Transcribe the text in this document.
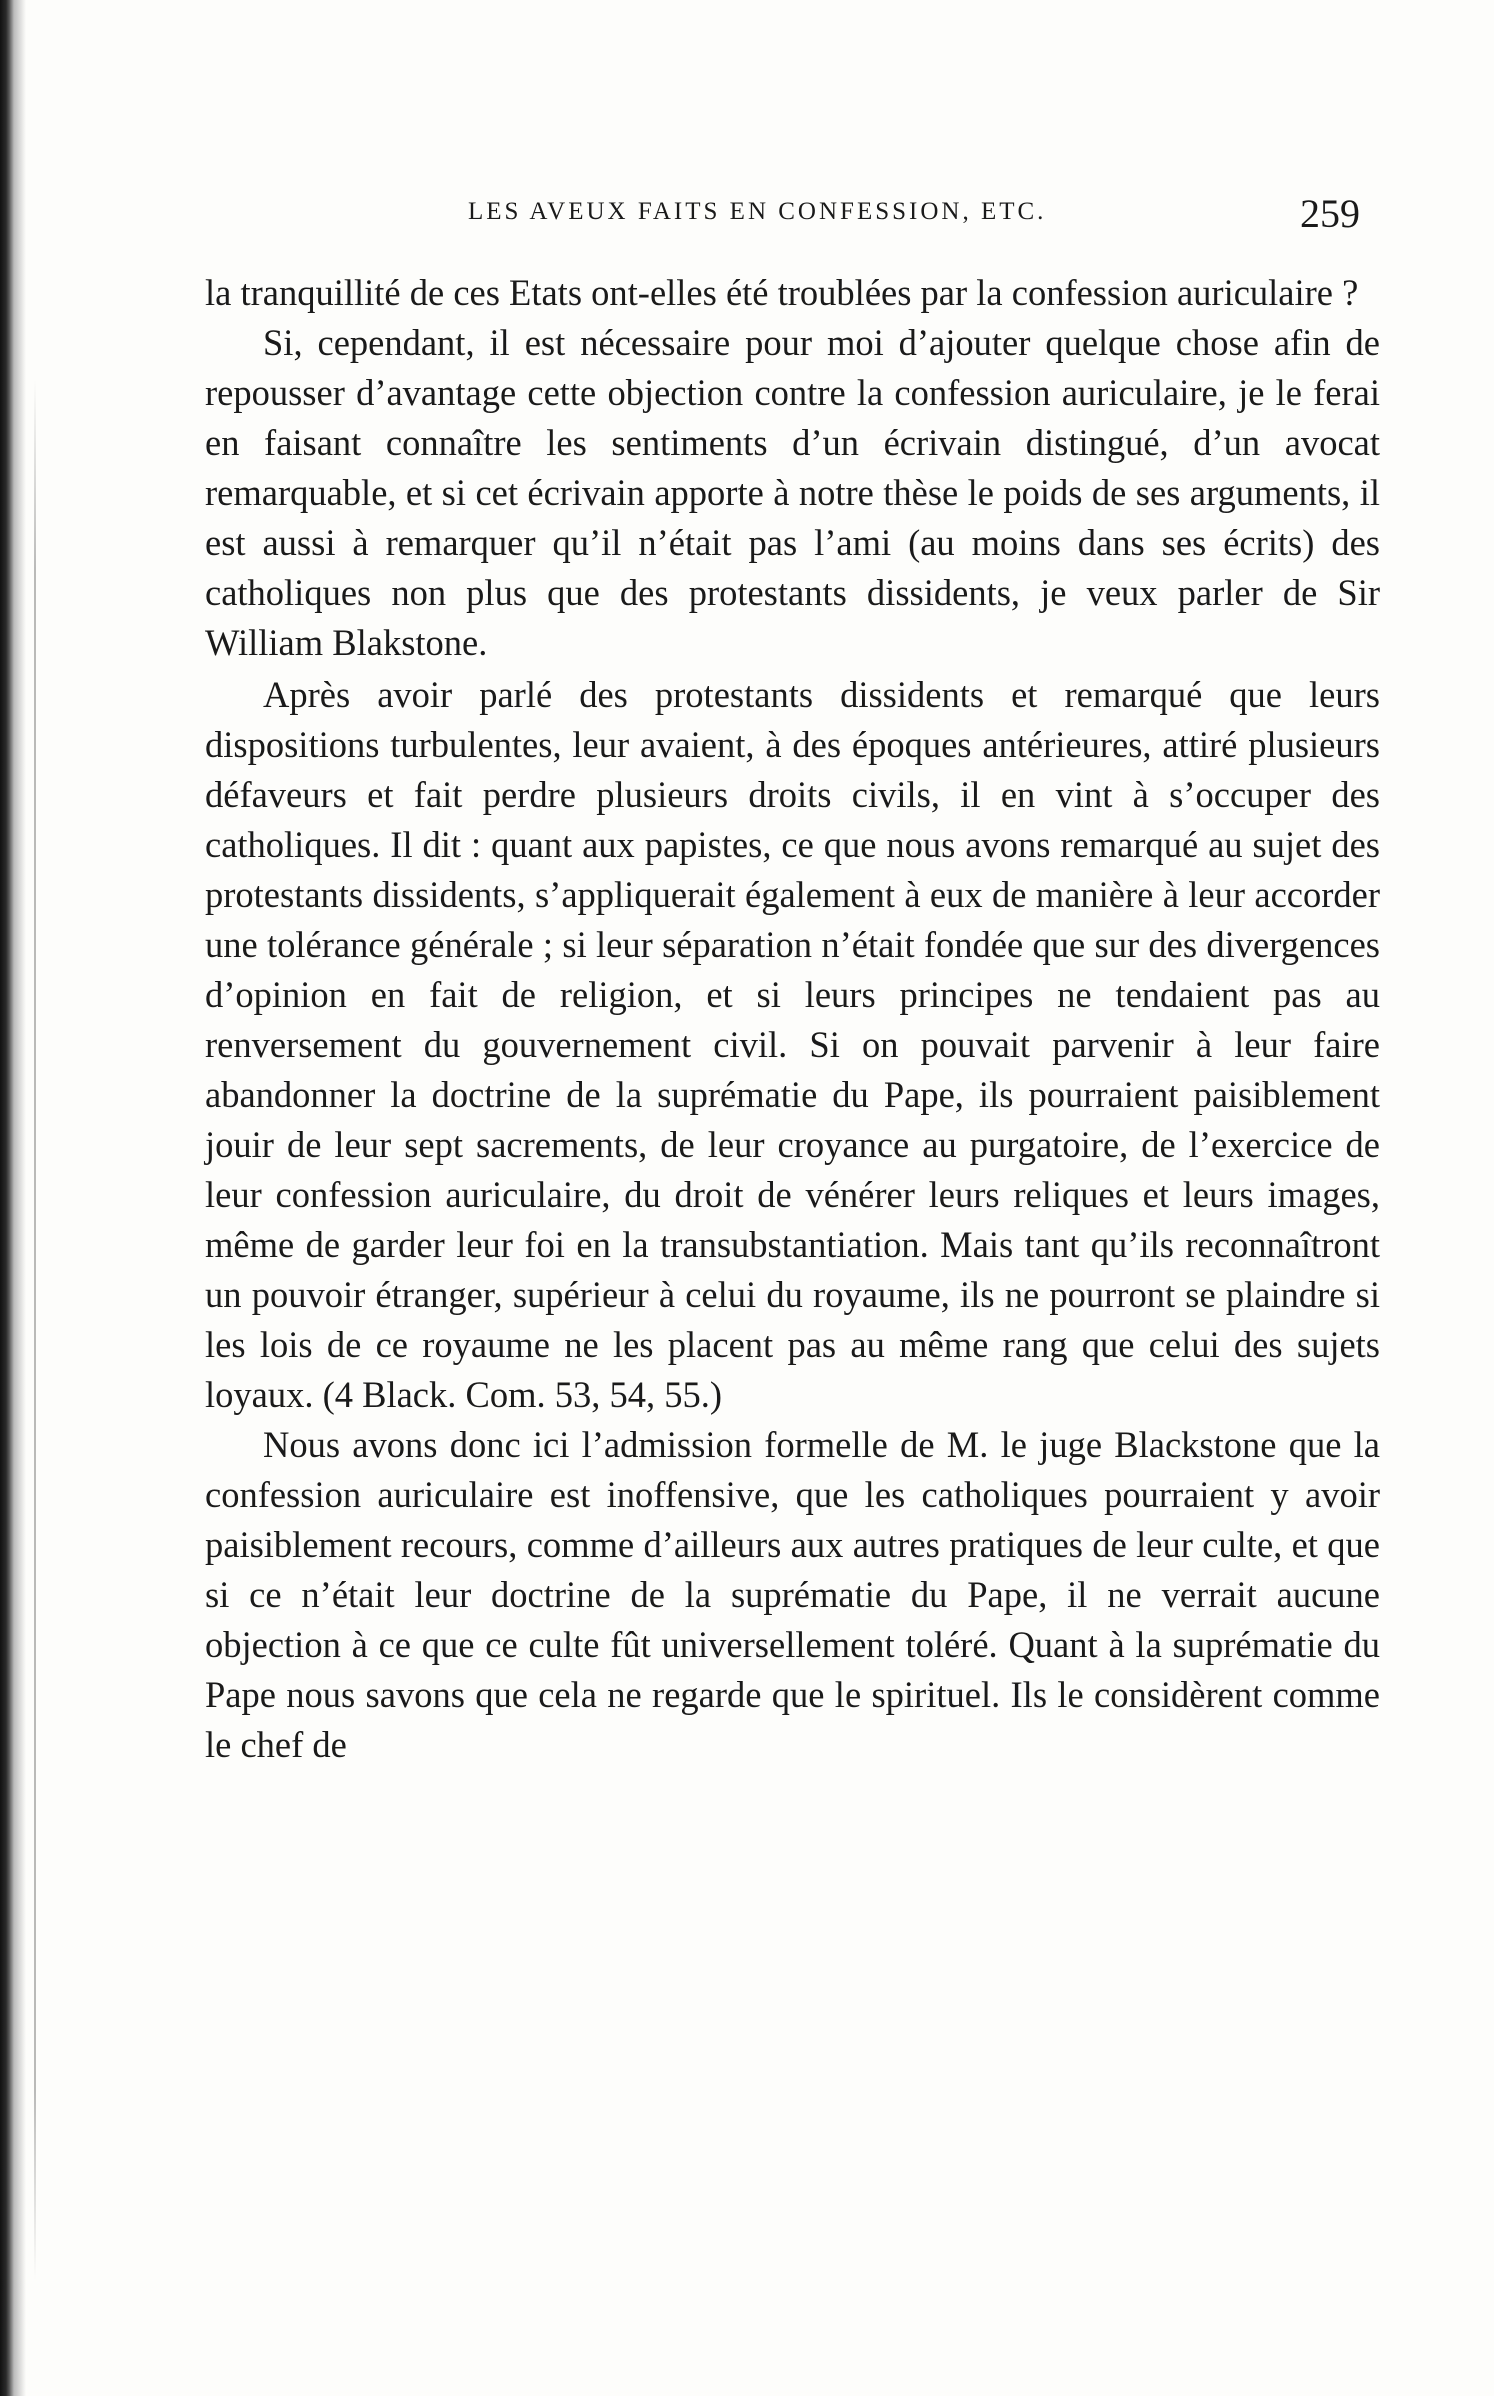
LES AVEUX FAITS EN CONFESSION, ETC.	259

la tranquillité de ces Etats ont-elles été troublées par la confession auriculaire ?

Si, cependant, il est nécessaire pour moi d’ajouter quelque chose afin de repousser d’avantage cette objection contre la confession auriculaire, je le ferai en faisant connaître les sentiments d’un écrivain distingué, d’un avocat remarquable, et si cet écrivain apporte à notre thèse le poids de ses arguments, il est aussi à remarquer qu’il n’était pas l’ami (au moins dans ses écrits) des catholiques non plus que des protestants dissidents, je veux parler de Sir William Blakstone.

Après avoir parlé des protestants dissidents et remarqué que leurs dispositions turbulentes, leur avaient, à des époques antérieures, attiré plusieurs défaveurs et fait perdre plusieurs droits civils, il en vint à s’occuper des catholiques. Il dit : quant aux papistes, ce que nous avons remarqué au sujet des protestants dissidents, s’appliquerait également à eux de manière à leur accorder une tolérance générale ; si leur séparation n’était fondée que sur des divergences d’opinion en fait de religion, et si leurs principes ne tendaient pas au renversement du gouvernement civil. Si on pouvait parvenir à leur faire abandonner la doctrine de la suprématie du Pape, ils pourraient paisiblement jouir de leur sept sacrements, de leur croyance au purgatoire, de l’exercice de leur confession auriculaire, du droit de vénérer leurs reliques et leurs images, même de garder leur foi en la transubstantiation. Mais tant qu’ils reconnaîtront un pouvoir étranger, supérieur à celui du royaume, ils ne pourront se plaindre si les lois de ce royaume ne les placent pas au même rang que celui des sujets loyaux. (4 Black. Com. 53, 54, 55.)

Nous avons donc ici l’admission formelle de M. le juge Blackstone que la confession auriculaire est inoffensive, que les catholiques pourraient y avoir paisiblement recours, comme d’ailleurs aux autres pratiques de leur culte, et que si ce n’était leur doctrine de la suprématie du Pape, il ne verrait aucune objection à ce que ce culte fût universellement toléré. Quant à la suprématie du Pape nous savons que cela ne regarde que le spirituel. Ils le considèrent comme le chef de
